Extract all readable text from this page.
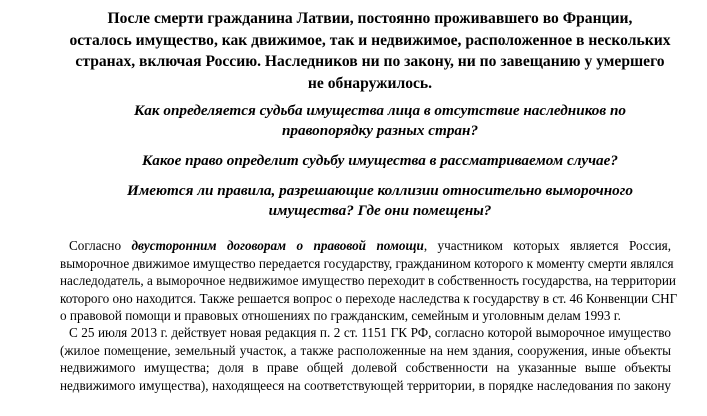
После смерти гражданина Латвии, постоянно проживавшего во Франции,
осталось имущество, как движимое, так и недвижимое, расположенное в нескольких
странах, включая Россию. Наследников ни по закону, ни по завещанию у умершего
не обнаружилось.
Как определяется судьба имущества лица в отсутствие наследников по
правопорядку разных стран?
Какое право определит судьбу имущества в рассматриваемом случае?
Имеются ли правила, разрешающие коллизии относительно выморочного
имущества? Где они помещены?
Согласно двусторонним договорам о правовой помощи, участником которых является Россия,
выморочное движимое имущество передается государству, гражданином которого к моменту смерти являлся
наследодатель, а выморочное недвижимое имущество переходит в собственность государства, на территории
которого оно находится. Также решается вопрос о переходе наследства к государству в ст. 46 Конвенции СНГ
о правовой помощи и правовых отношениях по гражданским, семейным и уголовным делам 1993 г.
С 25 июля 2013 г. действует новая редакция п. 2 ст. 1151 ГК РФ, согласно которой выморочное имущество
(жилое помещение, земельный участок, а также расположенные на нем здания, сооружения, иные объекты
недвижимого имущества; доля в праве общей долевой собственности на указанные выше объекты
недвижимого имущества), находящееся на соответствующей территории, в порядке наследования по закону
